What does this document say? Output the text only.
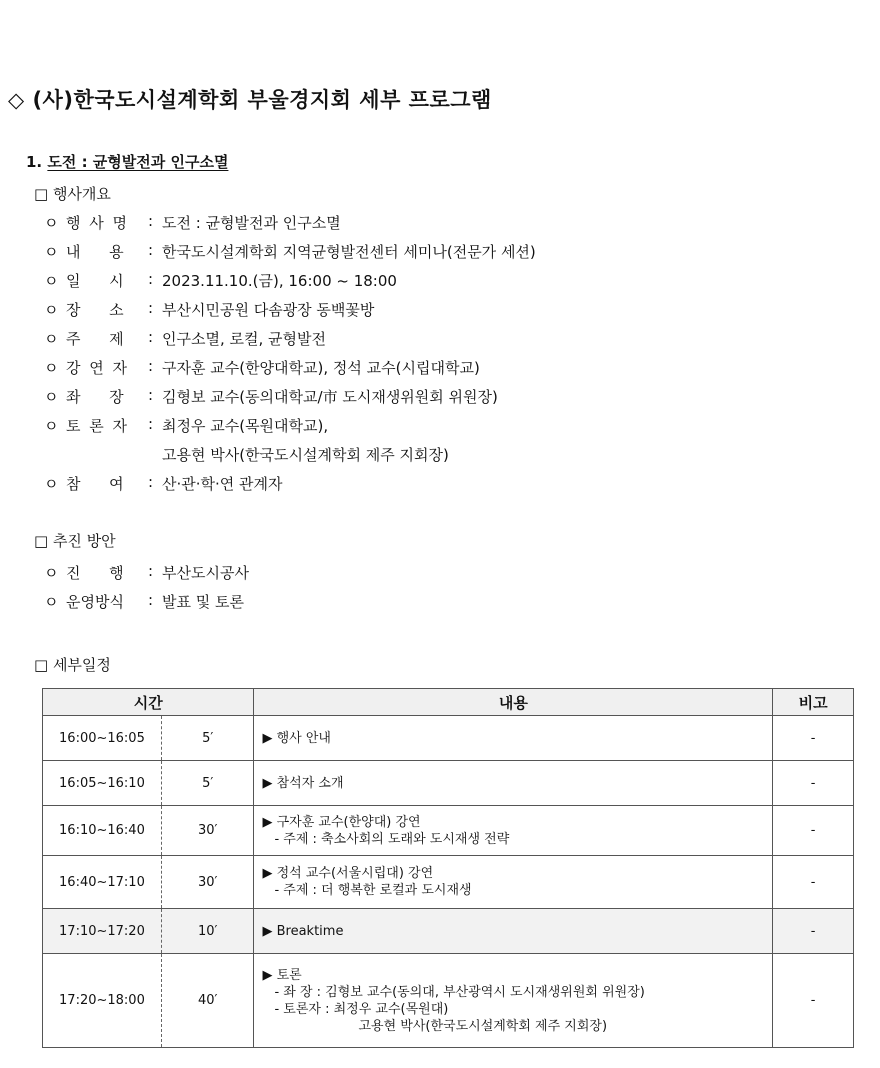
◇ (사)한국도시설계학회 부울경지회 세부 프로그램
1. 도전 : 균형발전과 인구소멸
□ 행사개요
ㅇ 행 사 명 : 도전 : 균형발전과 인구소멸
ㅇ 내      용 : 한국도시설계학회 지역균형발전센터 세미나(전문가 세션)
ㅇ 일      시 : 2023.11.10.(금), 16:00 ~ 18:00
ㅇ 장      소 : 부산시민공원 다솜광장 동백꽃방
ㅇ 주      제 : 인구소멸, 로컬, 균형발전
ㅇ 강 연 자 : 구자훈 교수(한양대학교), 정석 교수(시립대학교)
ㅇ 좌      장 : 김형보 교수(동의대학교/市 도시재생위원회 위원장)
ㅇ 토 론 자 : 최정우 교수(목원대학교),
고용현 박사(한국도시설계학회 제주 지회장)
ㅇ 참      여 : 산·관·학·연 관계자
□ 추진 방안
ㅇ 진      행 : 부산도시공사
ㅇ 운영방식 : 발표 및 토론
□ 세부일정
시간		내용	비고
16:00~16:05	5′	▶ 행사 안내	-
16:05~16:10	5′	▶ 참석자 소개	-
16:10~16:40	30′	▶ 구자훈 교수(한양대) 강연
- 주제 : 축소사회의 도래와 도시재생 전략	-
16:40~17:10	30′	▶ 정석 교수(서울시립대) 강연
- 주제 : 더 행복한 로컬과 도시재생	-
17:10~17:20	10′	▶ Breaktime	-
17:20~18:00	40′	▶ 토론
- 좌 장 : 김형보 교수(동의대, 부산광역시 도시재생위원회 위원장)
- 토론자 : 최정우 교수(목원대)
고용현 박사(한국도시설계학회 제주 지회장)	-
